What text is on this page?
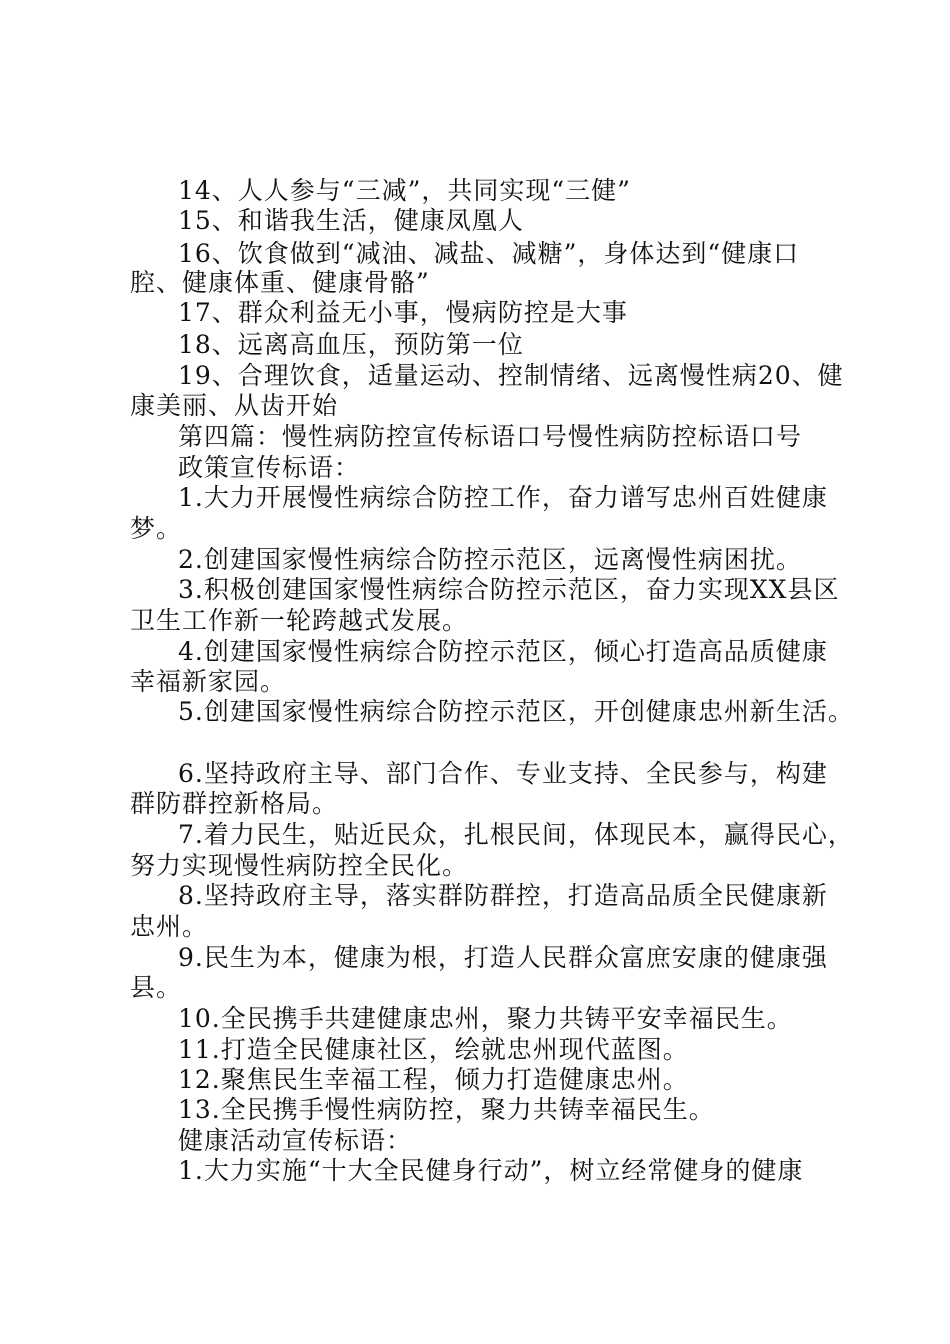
14、人人参与“三减”，共同实现“三健”
15、和谐我生活，健康凤凰人
16、饮食做到“减油、减盐、减糖”，身体达到“健康口
腔、健康体重、健康骨骼”
17、群众利益无小事，慢病防控是大事
18、远离高血压，预防第一位
19、合理饮食，适量运动、控制情绪、远离慢性病20、健
康美丽、从齿开始
第四篇：慢性病防控宣传标语口号慢性病防控标语口号
政策宣传标语：
1.大力开展慢性病综合防控工作，奋力谱写忠州百姓健康
梦。
2.创建国家慢性病综合防控示范区，远离慢性病困扰。
3.积极创建国家慢性病综合防控示范区，奋力实现XX县区
卫生工作新一轮跨越式发展。
4.创建国家慢性病综合防控示范区，倾心打造高品质健康
幸福新家园。
5.创建国家慢性病综合防控示范区，开创健康忠州新生活。
6.坚持政府主导、部门合作、专业支持、全民参与，构建
群防群控新格局。
7.着力民生，贴近民众，扎根民间，体现民本，赢得民心，
努力实现慢性病防控全民化。
8.坚持政府主导，落实群防群控，打造高品质全民健康新
忠州。
9.民生为本，健康为根，打造人民群众富庶安康的健康强
县。
10.全民携手共建健康忠州，聚力共铸平安幸福民生。
11.打造全民健康社区，绘就忠州现代蓝图。
12.聚焦民生幸福工程，倾力打造健康忠州。
13.全民携手慢性病防控，聚力共铸幸福民生。
健康活动宣传标语：
1.大力实施“十大全民健身行动”，树立经常健身的健康
